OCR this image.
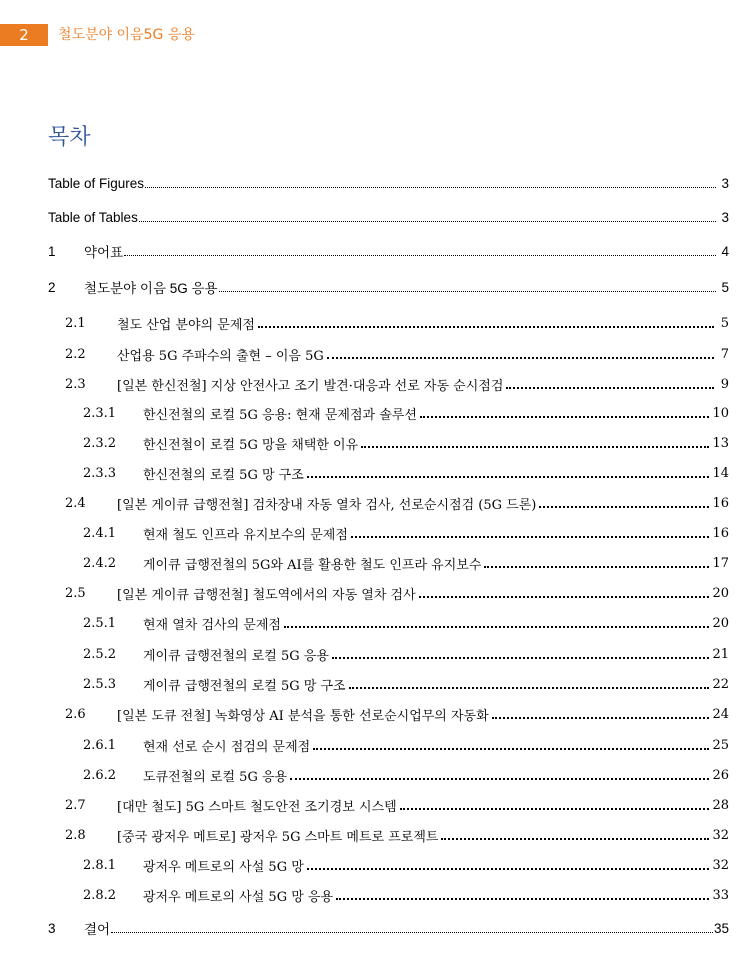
2	철도분야 이음5G 응용
목차
Table of Figures	3
Table of Tables	3
1	약어표	4
2	철도분야 이음 5G 응용	5
2.1	철도 산업 분야의 문제점	5
2.2	산업용 5G 주파수의 출현 – 이음 5G	7
2.3	[일본 한신전철] 지상 안전사고 조기 발견·대응과 선로 자동 순시점검	9
2.3.1	한신전철의 로컬 5G 응용: 현재 문제점과 솔루션	10
2.3.2	한신전철이 로컬 5G 망을 채택한 이유	13
2.3.3	한신전철의 로컬 5G 망 구조	14
2.4	[일본 게이큐 급행전철] 검차장내 자동 열차 검사, 선로순시점검 (5G 드론)	16
2.4.1	현재 철도 인프라 유지보수의 문제점	16
2.4.2	게이큐 급행전철의 5G와 AI를 활용한 철도 인프라 유지보수	17
2.5	[일본 게이큐 급행전철] 철도역에서의 자동 열차 검사	20
2.5.1	현재 열차 검사의 문제점	20
2.5.2	게이큐 급행전철의 로컬 5G 응용	21
2.5.3	게이큐 급행전철의 로컬 5G 망 구조	22
2.6	[일본 도큐 전철] 녹화영상 AI 분석을 통한 선로순시업무의 자동화	24
2.6.1	현재 선로 순시 점검의 문제점	25
2.6.2	도큐전철의 로컬 5G 응용	26
2.7	[대만 철도] 5G 스마트 철도안전 조기경보 시스템	28
2.8	[중국 광저우 메트로] 광저우 5G 스마트 메트로 프로젝트	32
2.8.1	광저우 메트로의 사설 5G 망	32
2.8.2	광저우 메트로의 사설 5G 망 응용	33
3	결어	35
